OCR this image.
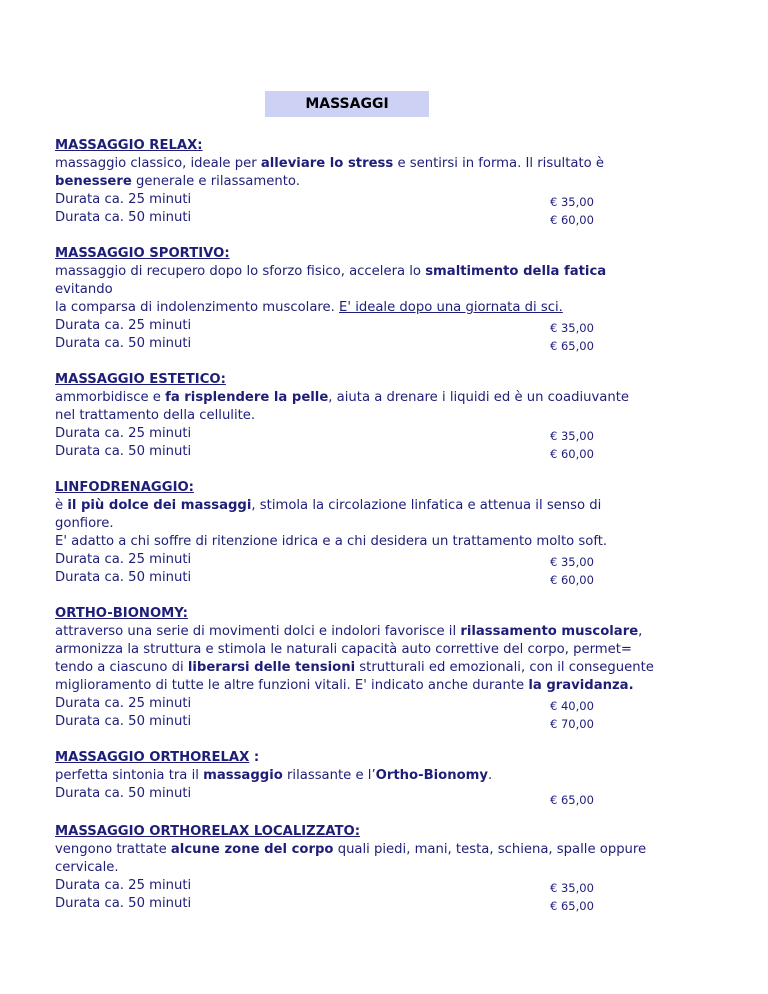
MASSAGGI
MASSAGGIO RELAX:
massaggio classico, ideale per alleviare lo stress e sentirsi in forma. Il risultato è benessere generale e rilassamento.
Durata ca. 25 minuti	€ 35,00
Durata ca. 50 minuti	€ 60,00
MASSAGGIO SPORTIVO:
massaggio di recupero dopo lo sforzo fisico, accelera lo smaltimento della fatica evitando
la comparsa di indolenzimento muscolare. E' ideale dopo una giornata di sci.
Durata ca. 25 minuti	€ 35,00
Durata ca. 50 minuti	€ 65,00
MASSAGGIO ESTETICO:
ammorbidisce e fa risplendere la pelle, aiuta a drenare i liquidi ed è un coadiuvante
nel trattamento della cellulite.
Durata ca. 25 minuti	€ 35,00
Durata ca. 50 minuti	€ 60,00
LINFODRENAGGIO:
è il più dolce dei massaggi, stimola la circolazione linfatica e attenua il senso di gonfiore.
E' adatto a chi soffre di ritenzione idrica e a chi desidera un trattamento molto soft.
Durata ca. 25 minuti	€ 35,00
Durata ca. 50 minuti	€ 60,00
ORTHO-BIONOMY:
attraverso una serie di movimenti dolci e indolori favorisce il rilassamento muscolare,
armonizza la struttura e stimola le naturali capacità auto correttive del corpo, permet=
tendo a ciascuno di liberarsi delle tensioni strutturali ed emozionali, con il conseguente
miglioramento di tutte le altre funzioni vitali. E' indicato anche durante la gravidanza.
Durata ca. 25 minuti	€ 40,00
Durata ca. 50 minuti	€ 70,00
MASSAGGIO ORTHORELAX :
perfetta sintonia tra il massaggio rilassante e l’Ortho-Bionomy.
Durata ca. 50 minuti	€ 65,00
MASSAGGIO ORTHORELAX LOCALIZZATO:
vengono trattate alcune zone del corpo quali piedi, mani, testa, schiena, spalle oppure
cervicale.
Durata ca. 25 minuti	€ 35,00
Durata ca. 50 minuti	€ 65,00
